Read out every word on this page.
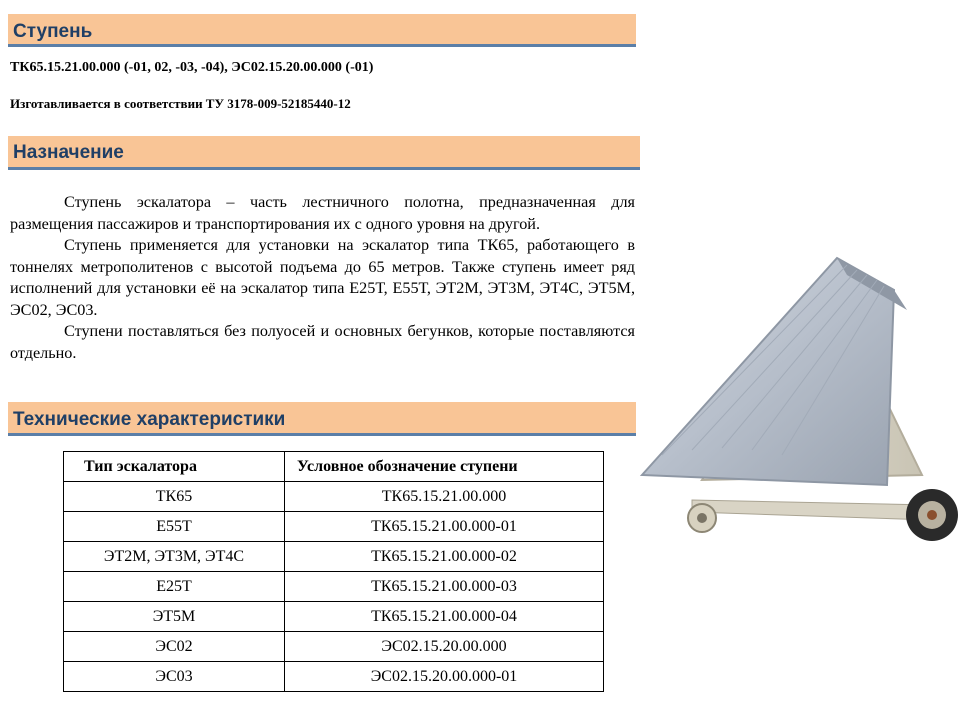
Ступень
ТК65.15.21.00.000 (-01, 02, -03, -04), ЭС02.15.20.00.000 (-01)
Изготавливается в соответствии ТУ 3178-009-52185440-12
Назначение

Ступень эскалатора – часть лестничного полотна, предназначенная для размещения пассажиров и транспортирования их с одного уровня на другой.

Ступень применяется для установки на эскалатор типа ТК65, работающего в тоннелях метрополитенов с высотой подъема до 65 метров. Также ступень имеет ряд исполнений для установки её на эскалатор типа Е25Т, Е55Т, ЭТ2М, ЭТ3М, ЭТ4С, ЭТ5М, ЭС02, ЭС03.

Ступени поставляться без полуосей и основных бегунков, которые поставляются отдельно.

Технические характеристики
Тип эскалатора	Условное обозначение ступени
ТК65	ТК65.15.21.00.000
Е55Т	ТК65.15.21.00.000-01
ЭТ2М, ЭТ3М, ЭТ4С	ТК65.15.21.00.000-02
Е25Т	ТК65.15.21.00.000-03
ЭТ5М	ТК65.15.21.00.000-04
ЭС02	ЭС02.15.20.00.000
ЭС03	ЭС02.15.20.00.000-01
